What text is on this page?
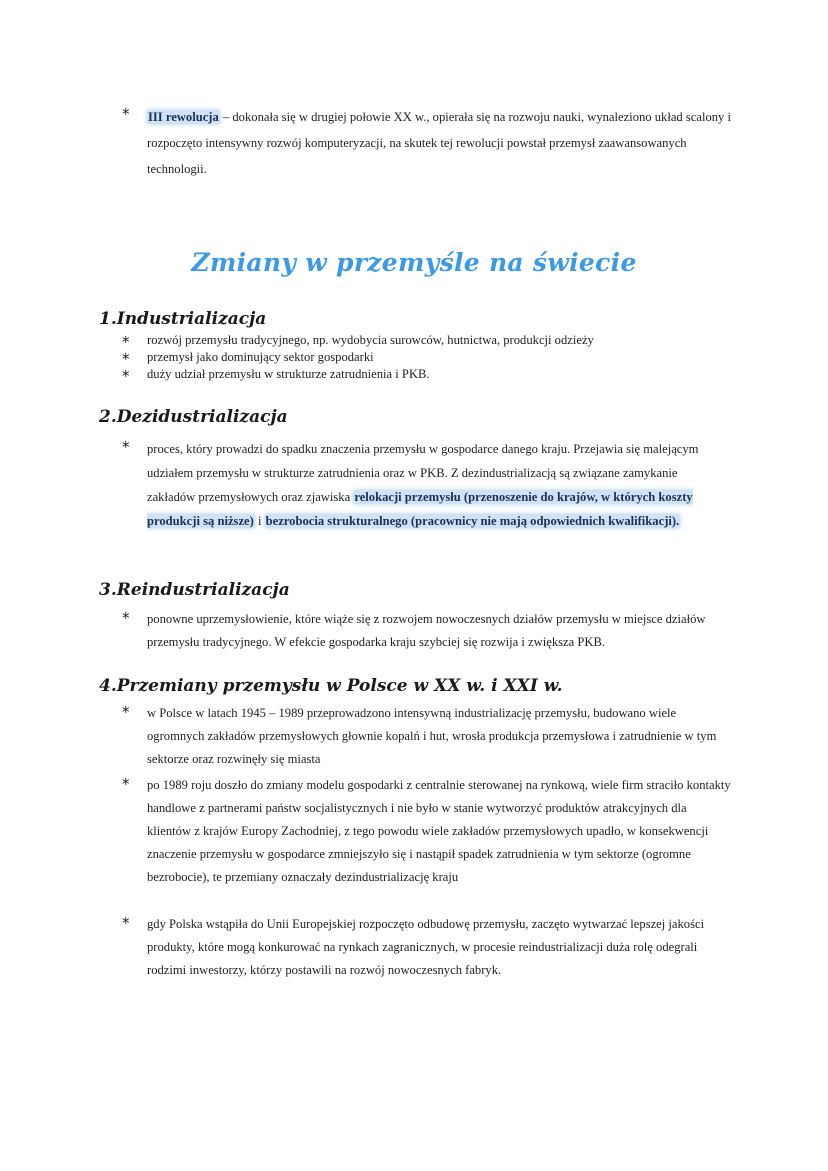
*	III rewolucja – dokonała się w drugiej połowie XX w., opierała się na rozwoju nauki, wynaleziono układ scalony i rozpoczęto intensywny rozwój komputeryzacji, na skutek tej rewolucji powstał przemysł zaawansowanych technologii.
Zmiany w przemyśle na świecie
1.Industrializacja
*	rozwój przemysłu tradycyjnego, np. wydobycia surowców, hutnictwa, produkcji odzieży
*	przemysł jako dominujący sektor gospodarki
*	duży udział przemysłu w strukturze zatrudnienia i PKB.
2.Dezidustrializacja
*	proces, który prowadzi do spadku znaczenia przemysłu w gospodarce danego kraju. Przejawia się malejącym udziałem przemysłu w strukturze zatrudnienia oraz w PKB. Z dezindustrializacją są związane zamykanie zakładów przemysłowych oraz zjawiska relokacji przemysłu (przenoszenie do krajów, w których koszty produkcji są niższe) i bezrobocia strukturalnego (pracownicy nie mają odpowiednich kwalifikacji).
3.Reindustrializacja
*	ponowne uprzemysłowienie, które wiąże się z rozwojem nowoczesnych działów przemysłu w miejsce działów przemysłu tradycyjnego. W efekcie gospodarka kraju szybciej się rozwija i zwiększa PKB.
4.Przemiany przemysłu w Polsce w XX w. i XXI w.
*	w Polsce w latach 1945 – 1989 przeprowadzono intensywną industrializację przemysłu, budowano wiele ogromnych zakładów przemysłowych głownie kopalń i hut, wrosła produkcja przemysłowa i zatrudnienie w tym sektorze oraz rozwinęły się miasta
*	po 1989 roju doszło do zmiany modelu gospodarki z centralnie sterowanej na rynkową, wiele firm straciło kontakty handlowe z partnerami państw socjalistycznych i nie było w stanie wytworzyć produktów atrakcyjnych dla klientów z krajów Europy Zachodniej, z tego powodu wiele zakładów przemysłowych upadło, w konsekwencji znaczenie przemysłu w gospodarce zmniejszyło się i nastąpił spadek zatrudnienia w tym sektorze (ogromne bezrobocie), te przemiany oznaczały dezindustrializację kraju
*	gdy Polska wstąpiła do Unii Europejskiej rozpoczęto odbudowę przemysłu, zaczęto wytwarzać lepszej jakości produkty, które mogą konkurować na rynkach zagranicznych, w procesie reindustrializacji duża rolę odegrali rodzimi inwestorzy, którzy postawili na rozwój nowoczesnych fabryk.
